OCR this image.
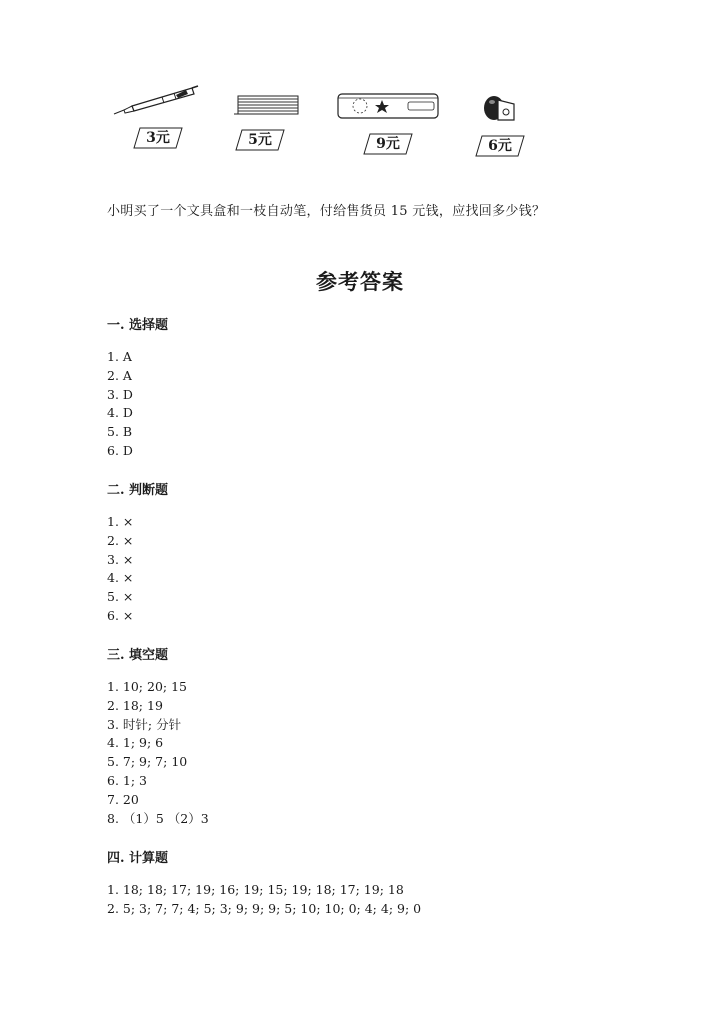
3元	5元	9元	6元
小明买了一个文具盒和一枝自动笔，付给售货员 15 元钱，应找回多少钱？
参考答案
一. 选择题
1. A
2. A
3. D
4. D
5. B
6. D
二. 判断题
1. ×
2. ×
3. ×
4. ×
5. ×
6. ×
三. 填空题
1. 10; 20; 15
2. 18; 19
3. 时针; 分针
4. 1; 9; 6
5. 7; 9; 7; 10
6. 1; 3
7. 20
8. （1）5 （2）3
四. 计算题
1. 18; 18; 17; 19; 16; 19; 15; 19; 18; 17; 19; 18
2. 5; 3; 7; 7; 4; 5; 3; 9; 9; 9; 5; 10; 10; 0; 4; 4; 9; 0
